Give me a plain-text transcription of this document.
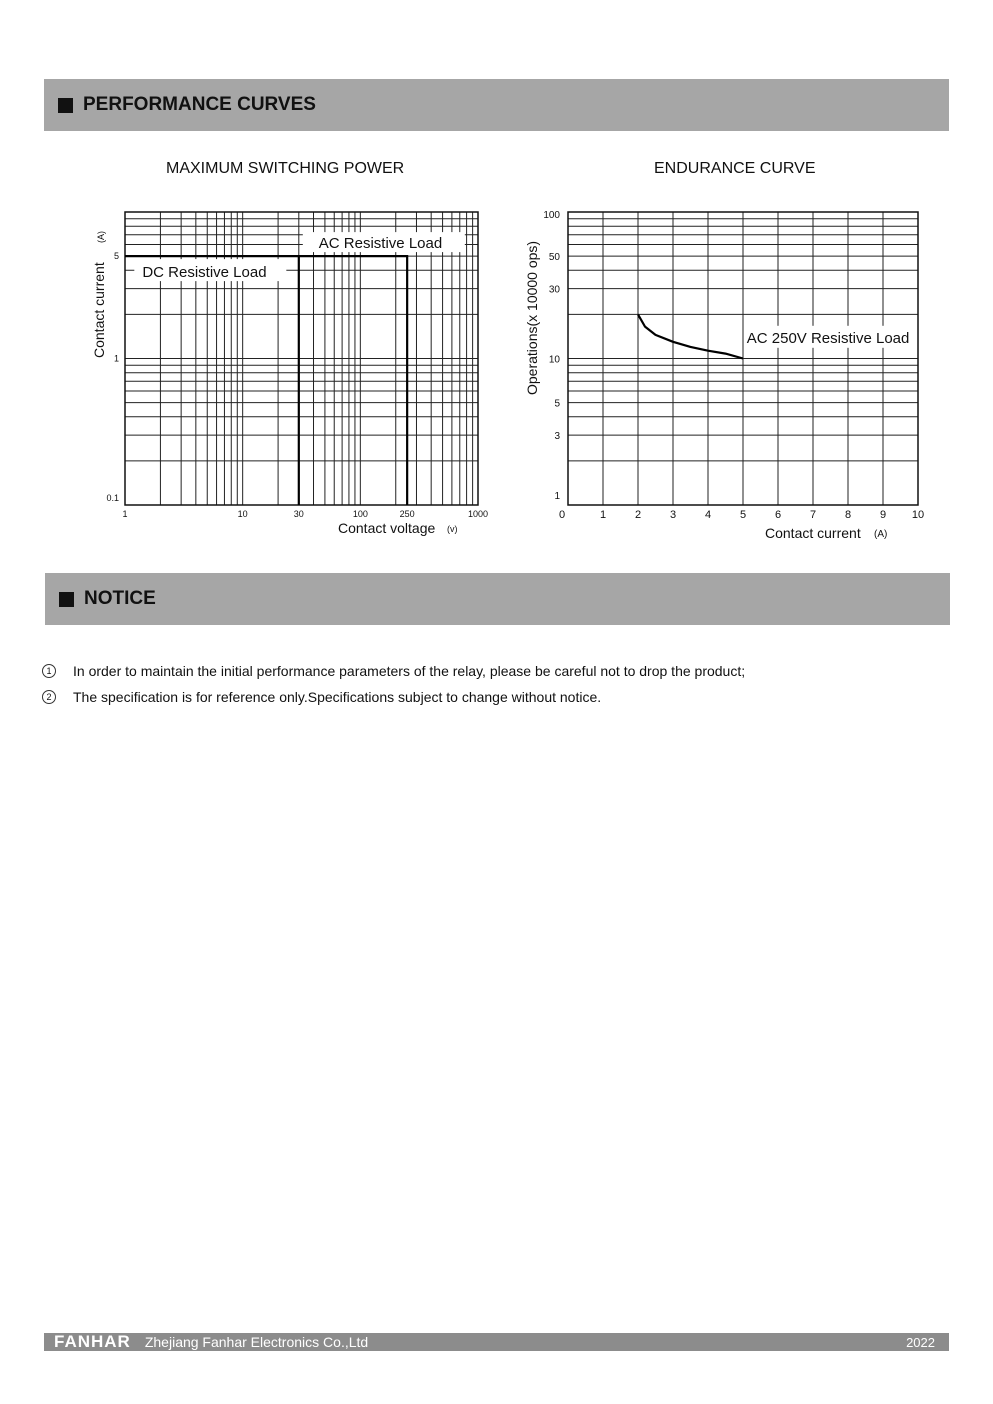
PERFORMANCE CURVES
MAXIMUM SWITCHING POWER	ENDURANCE CURVE
DC Resistive Load
AC Resistive Load
1	10	30	100	250	1000
0.1
1
5
Contact voltage (v)
Contact current
(A)
AC 250V Resistive Load
0	1	2	3	4	5	6	7	8	9 10
1
3
5
10
30
50
100
Contact current (A)
Operations(x 10000 ops)
NOTICE
1	In order to maintain the initial performance parameters of the relay, please be careful not to drop the product;
2	The specification is for reference only.Specifications subject to change without notice.
FANHAR Zhejiang Fanhar Electronics Co.,Ltd	2022
